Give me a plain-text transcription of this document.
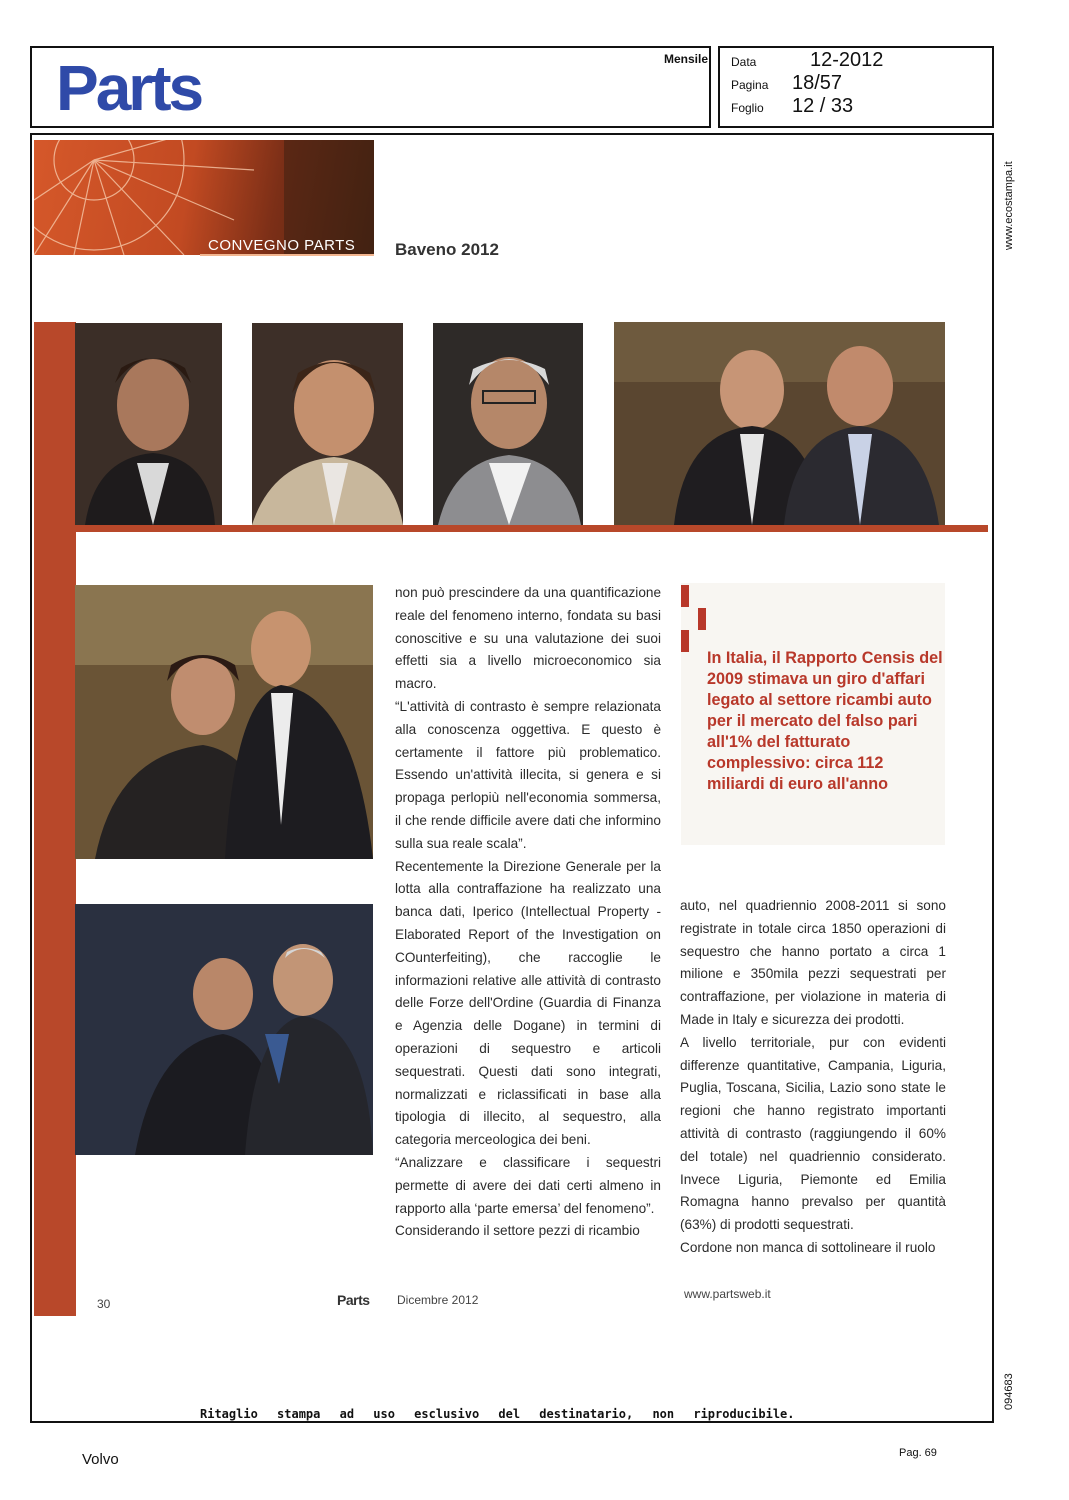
Parts	Mensile Data	12-2012
Pagina 18/57
Foglio 12 / 33
www.ecostampa.it
094683
CONVEGNO PARTS Baveno 2012

non può prescindere da una quantificazione reale del fenomeno interno, fondata su basi conoscitive e su una valutazione dei suoi effetti sia a livello microeconomico sia macro.

“L'attività di contrasto è sempre relazionata alla conoscenza oggettiva. E questo è certamente il fattore più problematico. Essendo un'attività illecita, si genera e si propaga perlopiù nell'economia sommersa, il che rende difficile avere dati che informino sulla sua reale scala”.

Recentemente la Direzione Generale per la lotta alla contraffazione ha realizzato una banca dati, Iperico (Intellectual Property - Elaborated Report of the Investigation on COunterfeiting), che raccoglie le informazioni relative alle attività di contrasto delle Forze dell'Ordine (Guardia di Finanza e Agenzia delle Dogane) in termini di operazioni di sequestro e articoli sequestrati. Questi dati sono integrati, normalizzati e riclassificati in base alla tipologia di illecito, al sequestro, alla categoria merceologica dei beni.

“Analizzare e classificare i sequestri permette di avere dei dati certi almeno in rapporto alla ‘parte emersa’ del fenomeno”.

Considerando il settore pezzi di ricambio

In Italia, il Rapporto Censis del 2009 stimava un giro d'affari legato al settore ricambi auto per il mercato del falso pari all'1% del fatturato complessivo: circa 112 miliardi di euro all'anno

auto, nel quadriennio 2008-2011 si sono registrate in totale circa 1850 operazioni di sequestro che hanno portato a circa 1 milione e 350mila pezzi sequestrati per contraffazione, per violazione in materia di Made in Italy e sicurezza dei prodotti.

A livello territoriale, pur con evidenti differenze quantitative, Campania, Liguria, Puglia, Toscana, Sicilia, Lazio sono state le regioni che hanno registrato importanti attività di contrasto (raggiungendo il 60% del totale) nel quadriennio considerato. Invece Liguria, Piemonte ed Emilia Romagna hanno prevalso per quantità (63%) di prodotti sequestrati.

Cordone non manca di sottolineare il ruolo

30	Parts Dicembre 2012	www.partsweb.it
Ritaglio stampa ad uso esclusivo del destinatario, non riproducibile.
Volvo	Pag. 69
